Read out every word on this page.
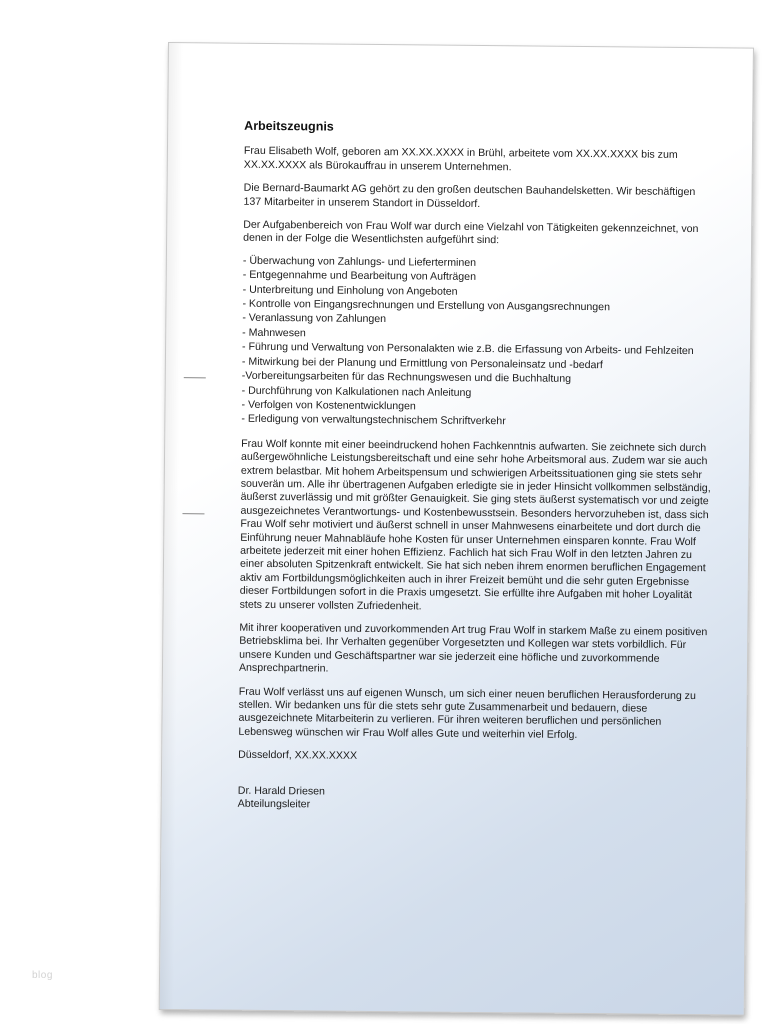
blog
Arbeitszeugnis

Frau Elisabeth Wolf, geboren am XX.XX.XXXX in Brühl, arbeitete vom XX.XX.XXXX bis zum XX.XX.XXXX als Bürokauffrau in unserem Unternehmen.

Die Bernard-Baumarkt AG gehört zu den großen deutschen Bauhandelsketten. Wir beschäftigen 137 Mitarbeiter in unserem Standort in Düsseldorf.

Der Aufgabenbereich von Frau Wolf war durch eine Vielzahl von Tätigkeiten gekennzeichnet, von denen in der Folge die Wesentlichsten aufgeführt sind:

- Überwachung von Zahlungs- und Lieferterminen
- Entgegennahme und Bearbeitung von Aufträgen
- Unterbreitung und Einholung von Angeboten
- Kontrolle von Eingangsrechnungen und Erstellung von Ausgangsrechnungen
- Veranlassung von Zahlungen
- Mahnwesen
- Führung und Verwaltung von Personalakten wie z.B. die Erfassung von Arbeits- und Fehlzeiten
- Mitwirkung bei der Planung und Ermittlung von Personaleinsatz und -bedarf
-Vorbereitungsarbeiten für das Rechnungswesen und die Buchhaltung
- Durchführung von Kalkulationen nach Anleitung
- Verfolgen von Kostenentwicklungen
- Erledigung von verwaltungstechnischem Schriftverkehr

Frau Wolf konnte mit einer beeindruckend hohen Fachkenntnis aufwarten. Sie zeichnete sich durch außergewöhnliche Leistungsbereitschaft und eine sehr hohe Arbeitsmoral aus. Zudem war sie auch extrem belastbar. Mit hohem Arbeitspensum und schwierigen Arbeitssituationen ging sie stets sehr souverän um. Alle ihr übertragenen Aufgaben erledigte sie in jeder Hinsicht vollkommen selbständig, äußerst zuverlässig und mit größter Genauigkeit. Sie ging stets äußerst systematisch vor und zeigte ausgezeichnetes Verantwortungs- und Kostenbewusstsein. Besonders hervorzuheben ist, dass sich Frau Wolf sehr motiviert und äußerst schnell in unser Mahnwesens einarbeitete und dort durch die Einführung neuer Mahnabläufe hohe Kosten für unser Unternehmen einsparen konnte. Frau Wolf arbeitete jederzeit mit einer hohen Effizienz. Fachlich hat sich Frau Wolf in den letzten Jahren zu einer absoluten Spitzenkraft entwickelt. Sie hat sich neben ihrem enormen beruflichen Engagement aktiv am Fortbildungsmöglichkeiten auch in ihrer Freizeit bemüht und die sehr guten Ergebnisse dieser Fortbildungen sofort in die Praxis umgesetzt. Sie erfüllte ihre Aufgaben mit hoher Loyalität stets zu unserer vollsten Zufriedenheit.

Mit ihrer kooperativen und zuvorkommenden Art trug Frau Wolf in starkem Maße zu einem positiven Betriebsklima bei. Ihr Verhalten gegenüber Vorgesetzten und Kollegen war stets vorbildlich. Für unsere Kunden und Geschäftspartner war sie jederzeit eine höfliche und zuvorkommende Ansprechpartnerin.

Frau Wolf verlässt uns auf eigenen Wunsch, um sich einer neuen beruflichen Herausforderung zu stellen. Wir bedanken uns für die stets sehr gute Zusammenarbeit und bedauern, diese ausgezeichnete Mitarbeiterin zu verlieren. Für ihren weiteren beruflichen und persönlichen Lebensweg wünschen wir Frau Wolf alles Gute und weiterhin viel Erfolg.

Düsseldorf, XX.XX.XXXX

Dr. Harald Driesen
Abteilungsleiter
